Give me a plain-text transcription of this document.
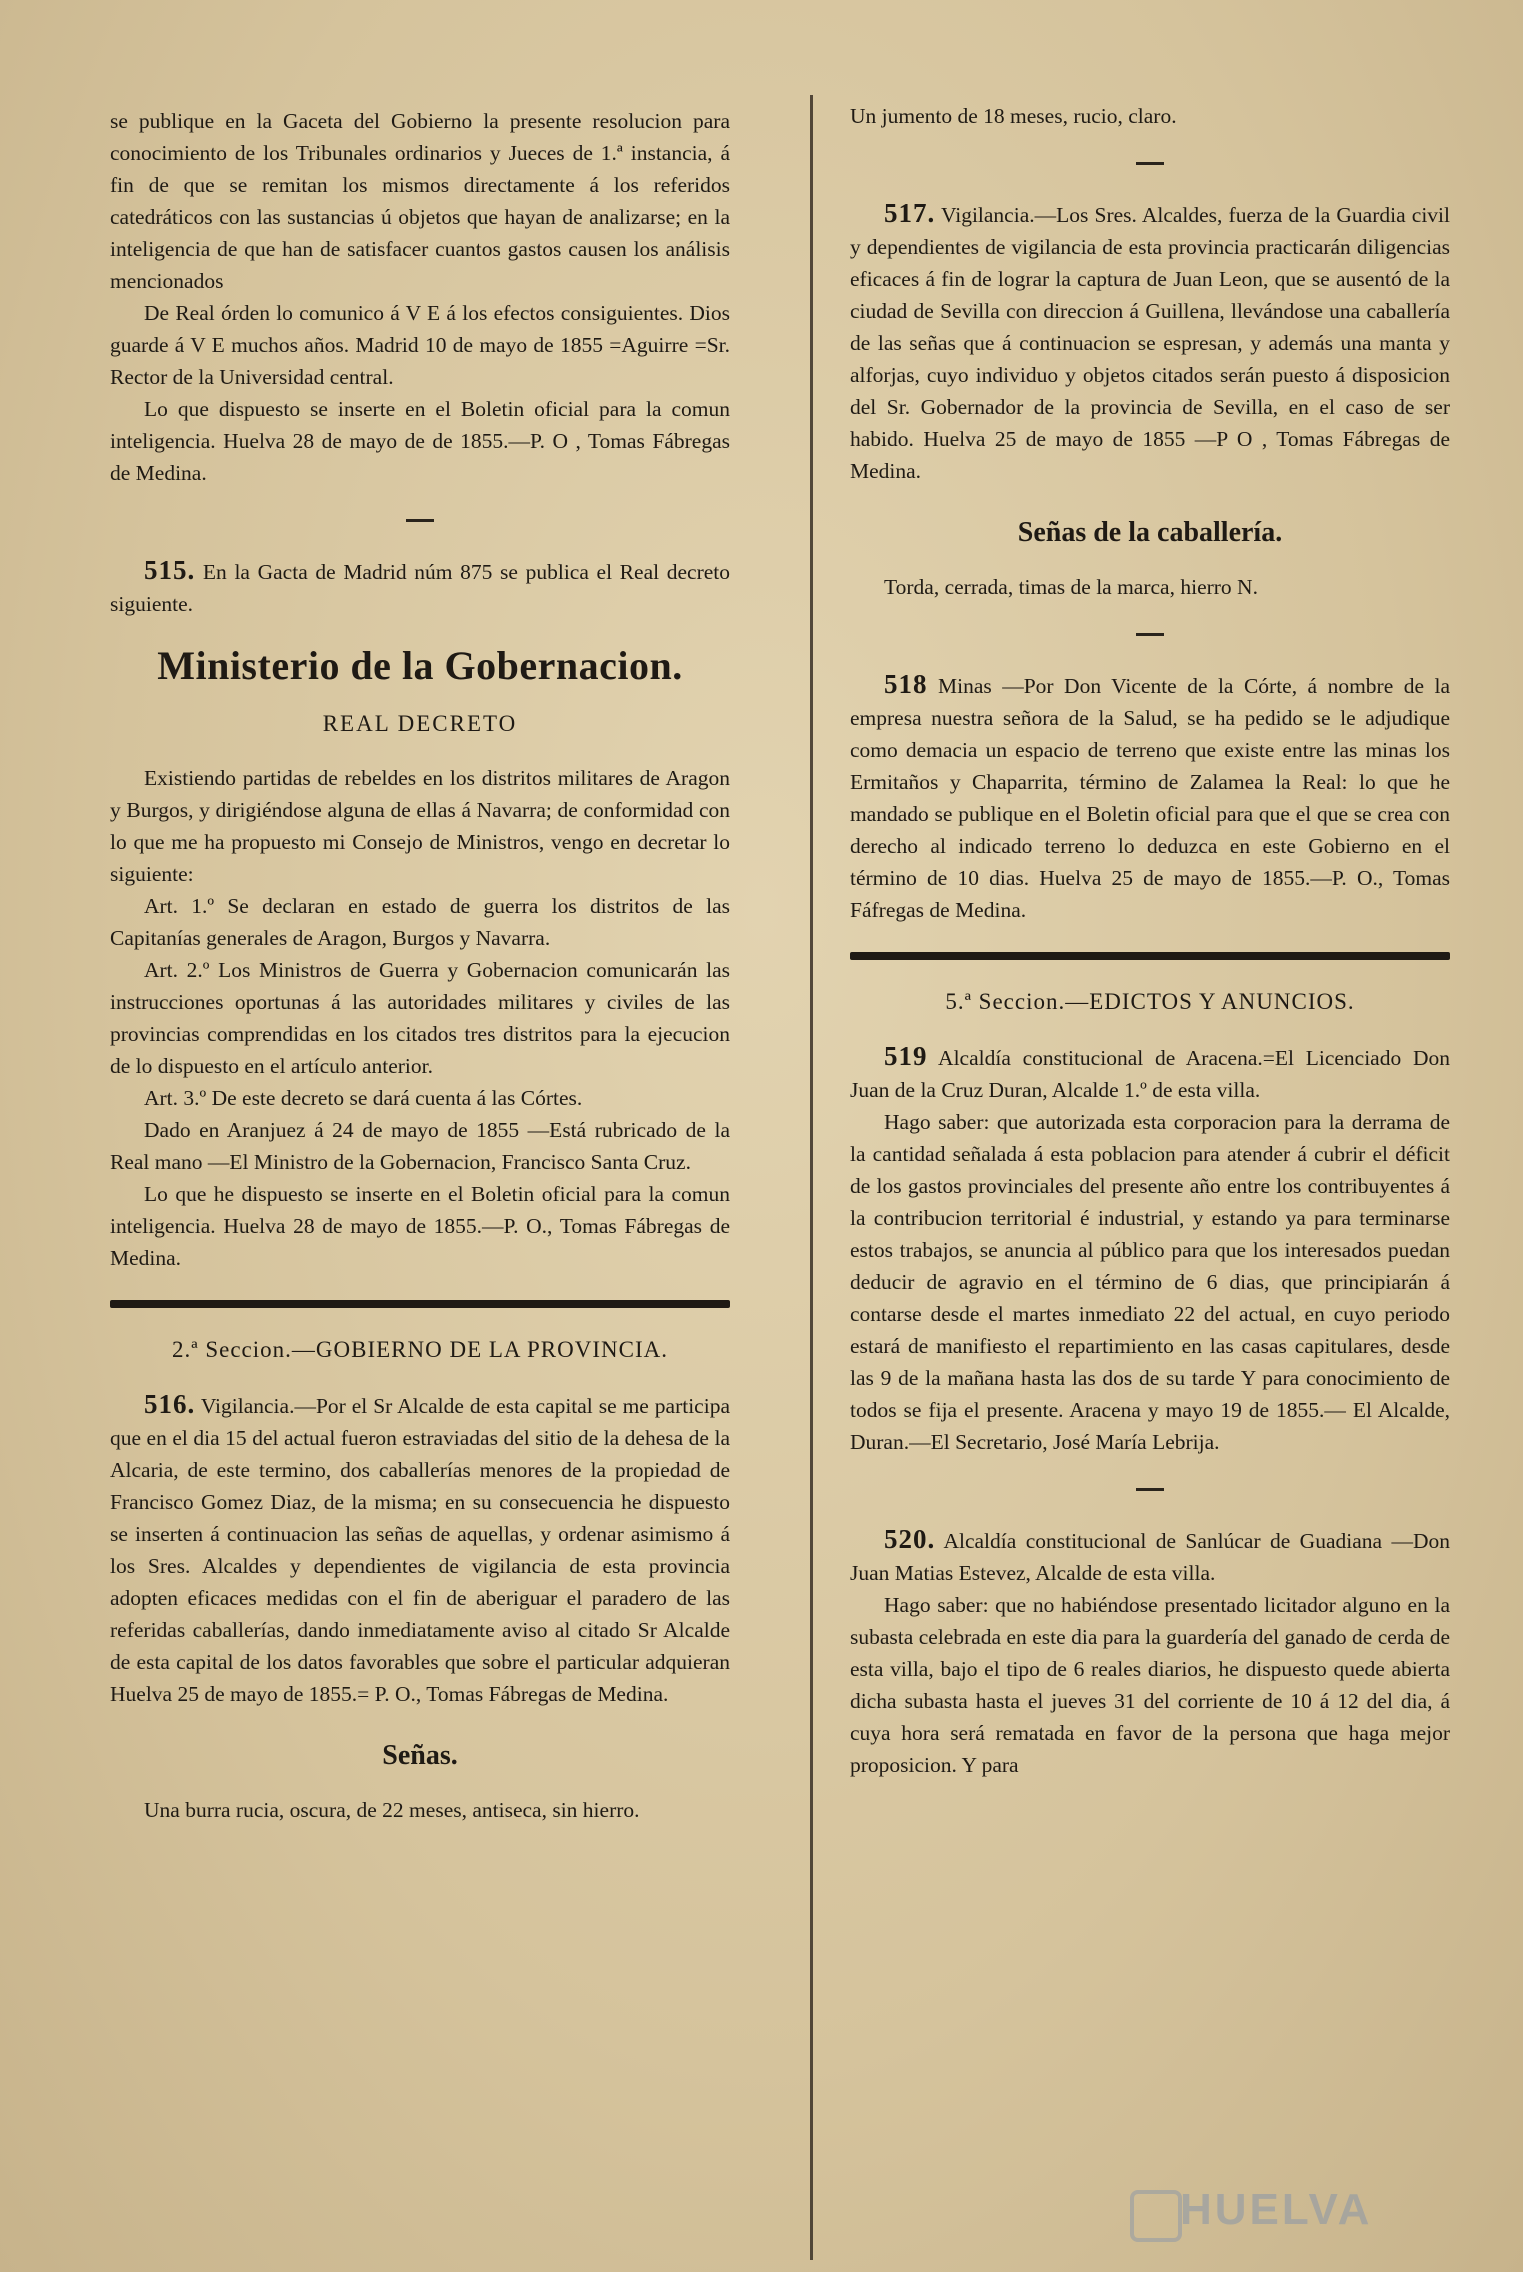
se publique en la Gaceta del Gobierno la presente resolucion para conocimiento de los Tribunales ordinarios y Jueces de 1.ª instancia, á fin de que se remitan los mismos directamente á los referidos catedráticos con las sustancias ú objetos que hayan de analizarse; en la inteligencia de que han de satisfacer cuantos gastos causen los análisis mencionados

De Real órden lo comunico á V E á los efectos consiguientes. Dios guarde á V E muchos años. Madrid 10 de mayo de 1855 =Aguirre =Sr. Rector de la Universidad central.

Lo que dispuesto se inserte en el Boletin oficial para la comun inteligencia. Huelva 28 de mayo de de 1855.—P. O , Tomas Fábregas de Medina.

515. En la Gacta de Madrid núm 875 se publica el Real decreto siguiente.

Ministerio de la Gobernacion.
REAL DECRETO

Existiendo partidas de rebeldes en los distritos militares de Aragon y Burgos, y dirigiéndose alguna de ellas á Navarra; de conformidad con lo que me ha propuesto mi Consejo de Ministros, vengo en decretar lo siguiente:

Art. 1.º Se declaran en estado de guerra los distritos de las Capitanías generales de Aragon, Burgos y Navarra.

Art. 2.º Los Ministros de Guerra y Gobernacion comunicarán las instrucciones oportunas á las autoridades militares y civiles de las provincias comprendidas en los citados tres distritos para la ejecucion de lo dispuesto en el artículo anterior.

Art. 3.º De este decreto se dará cuenta á las Córtes.

Dado en Aranjuez á 24 de mayo de 1855 —Está rubricado de la Real mano —El Ministro de la Gobernacion, Francisco Santa Cruz.

Lo que he dispuesto se inserte en el Boletin oficial para la comun inteligencia. Huelva 28 de mayo de 1855.—P. O., Tomas Fábregas de Medina.

2.ª Seccion.—GOBIERNO DE LA PROVINCIA.

516. Vigilancia.—Por el Sr Alcalde de esta capital se me participa que en el dia 15 del actual fueron estraviadas del sitio de la dehesa de la Alcaria, de este termino, dos caballerías menores de la propiedad de Francisco Gomez Diaz, de la misma; en su consecuencia he dispuesto se inserten á continuacion las señas de aquellas, y ordenar asimismo á los Sres. Alcaldes y dependientes de vigilancia de esta provincia adopten eficaces medidas con el fin de aberiguar el paradero de las referidas caballerías, dando inmediatamente aviso al citado Sr Alcalde de esta capital de los datos favorables que sobre el particular adquieran Huelva 25 de mayo de 1855.= P. O., Tomas Fábregas de Medina.

Señas.

Una burra rucia, oscura, de 22 meses, antiseca, sin hierro.

Un jumento de 18 meses, rucio, claro.

517. Vigilancia.—Los Sres. Alcaldes, fuerza de la Guardia civil y dependientes de vigilancia de esta provincia practicarán diligencias eficaces á fin de lograr la captura de Juan Leon, que se ausentó de la ciudad de Sevilla con direccion á Guillena, llevándose una caballería de las señas que á continuacion se espresan, y además una manta y alforjas, cuyo individuo y objetos citados serán puesto á disposicion del Sr. Gobernador de la provincia de Sevilla, en el caso de ser habido. Huelva 25 de mayo de 1855 —P O , Tomas Fábregas de Medina.

Señas de la caballería.

Torda, cerrada, timas de la marca, hierro N.

518 Minas —Por Don Vicente de la Córte, á nombre de la empresa nuestra señora de la Salud, se ha pedido se le adjudique como demacia un espacio de terreno que existe entre las minas los Ermitaños y Chaparrita, término de Zalamea la Real: lo que he mandado se publique en el Boletin oficial para que el que se crea con derecho al indicado terreno lo deduzca en este Gobierno en el término de 10 dias. Huelva 25 de mayo de 1855.—P. O., Tomas Fáfregas de Medina.

5.ª Seccion.—EDICTOS Y ANUNCIOS.

519 Alcaldía constitucional de Aracena.=El Licenciado Don Juan de la Cruz Duran, Alcalde 1.º de esta villa.

Hago saber: que autorizada esta corporacion para la derrama de la cantidad señalada á esta poblacion para atender á cubrir el déficit de los gastos provinciales del presente año entre los contribuyentes á la contribucion territorial é industrial, y estando ya para terminarse estos trabajos, se anuncia al público para que los interesados puedan deducir de agravio en el término de 6 dias, que principiarán á contarse desde el martes inmediato 22 del actual, en cuyo periodo estará de manifiesto el repartimiento en las casas capitulares, desde las 9 de la mañana hasta las dos de su tarde Y para conocimiento de todos se fija el presente. Aracena y mayo 19 de 1855.— El Alcalde, Duran.—El Secretario, José María Lebrija.

520. Alcaldía constitucional de Sanlúcar de Guadiana —Don Juan Matias Estevez, Alcalde de esta villa.

Hago saber: que no habiéndose presentado licitador alguno en la subasta celebrada en este dia para la guardería del ganado de cerda de esta villa, bajo el tipo de 6 reales diarios, he dispuesto quede abierta dicha subasta hasta el jueves 31 del corriente de 10 á 12 del dia, á cuya hora será rematada en favor de la persona que haga mejor proposicion. Y para

HUELVA
